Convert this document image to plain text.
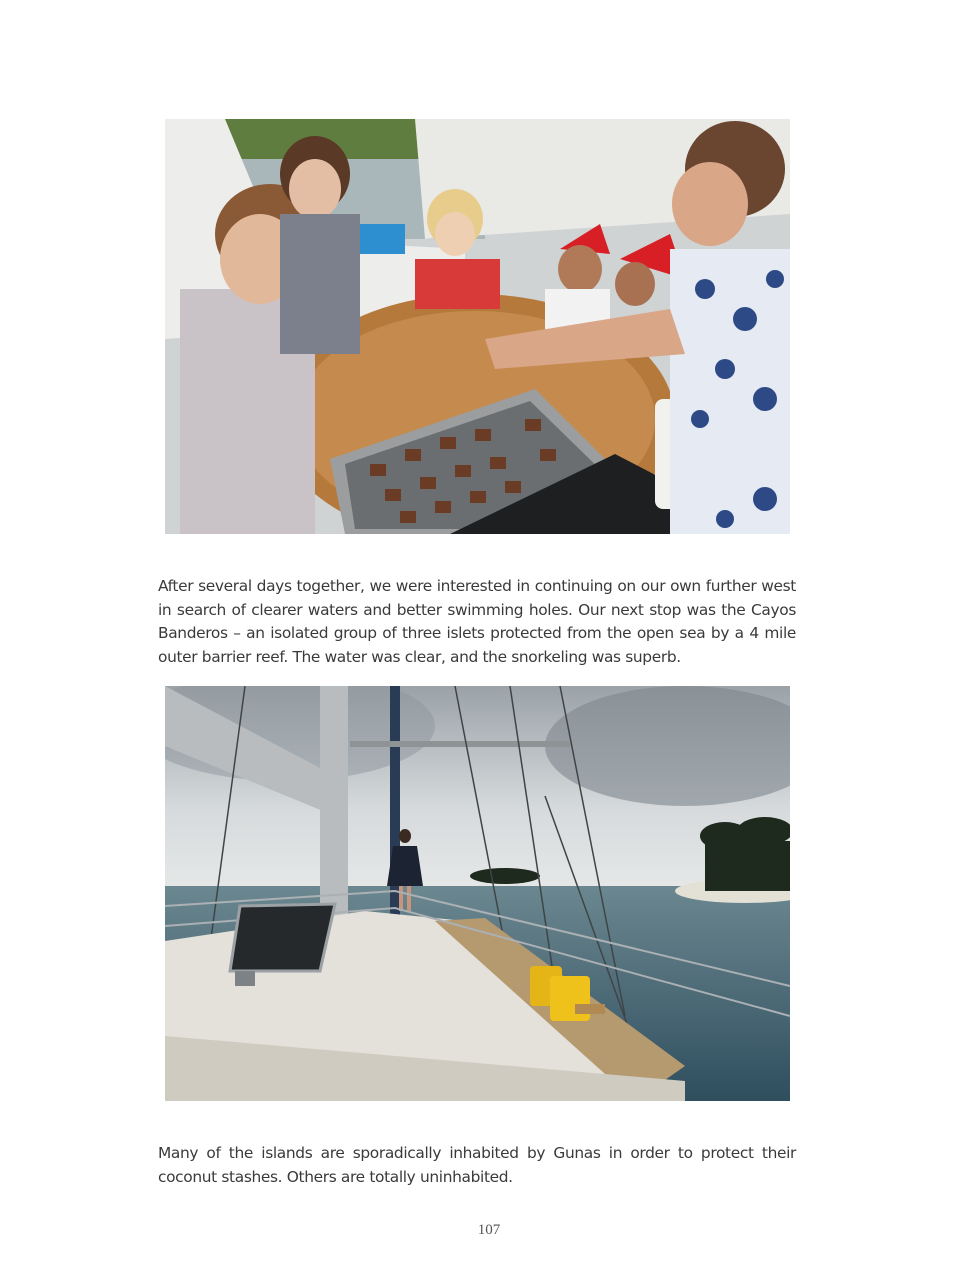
After several days together, we were interested in continuing on our own further west in search of clearer waters and better swimming holes. Our next stop was the Cayos Banderos – an isolated group of three islets protected from the open sea by a 4 mile outer barrier reef. The water was clear, and the snorkeling was superb.

Many of the islands are sporadically inhabited by Gunas in order to protect their coconut stashes. Others are totally uninhabited.

107
